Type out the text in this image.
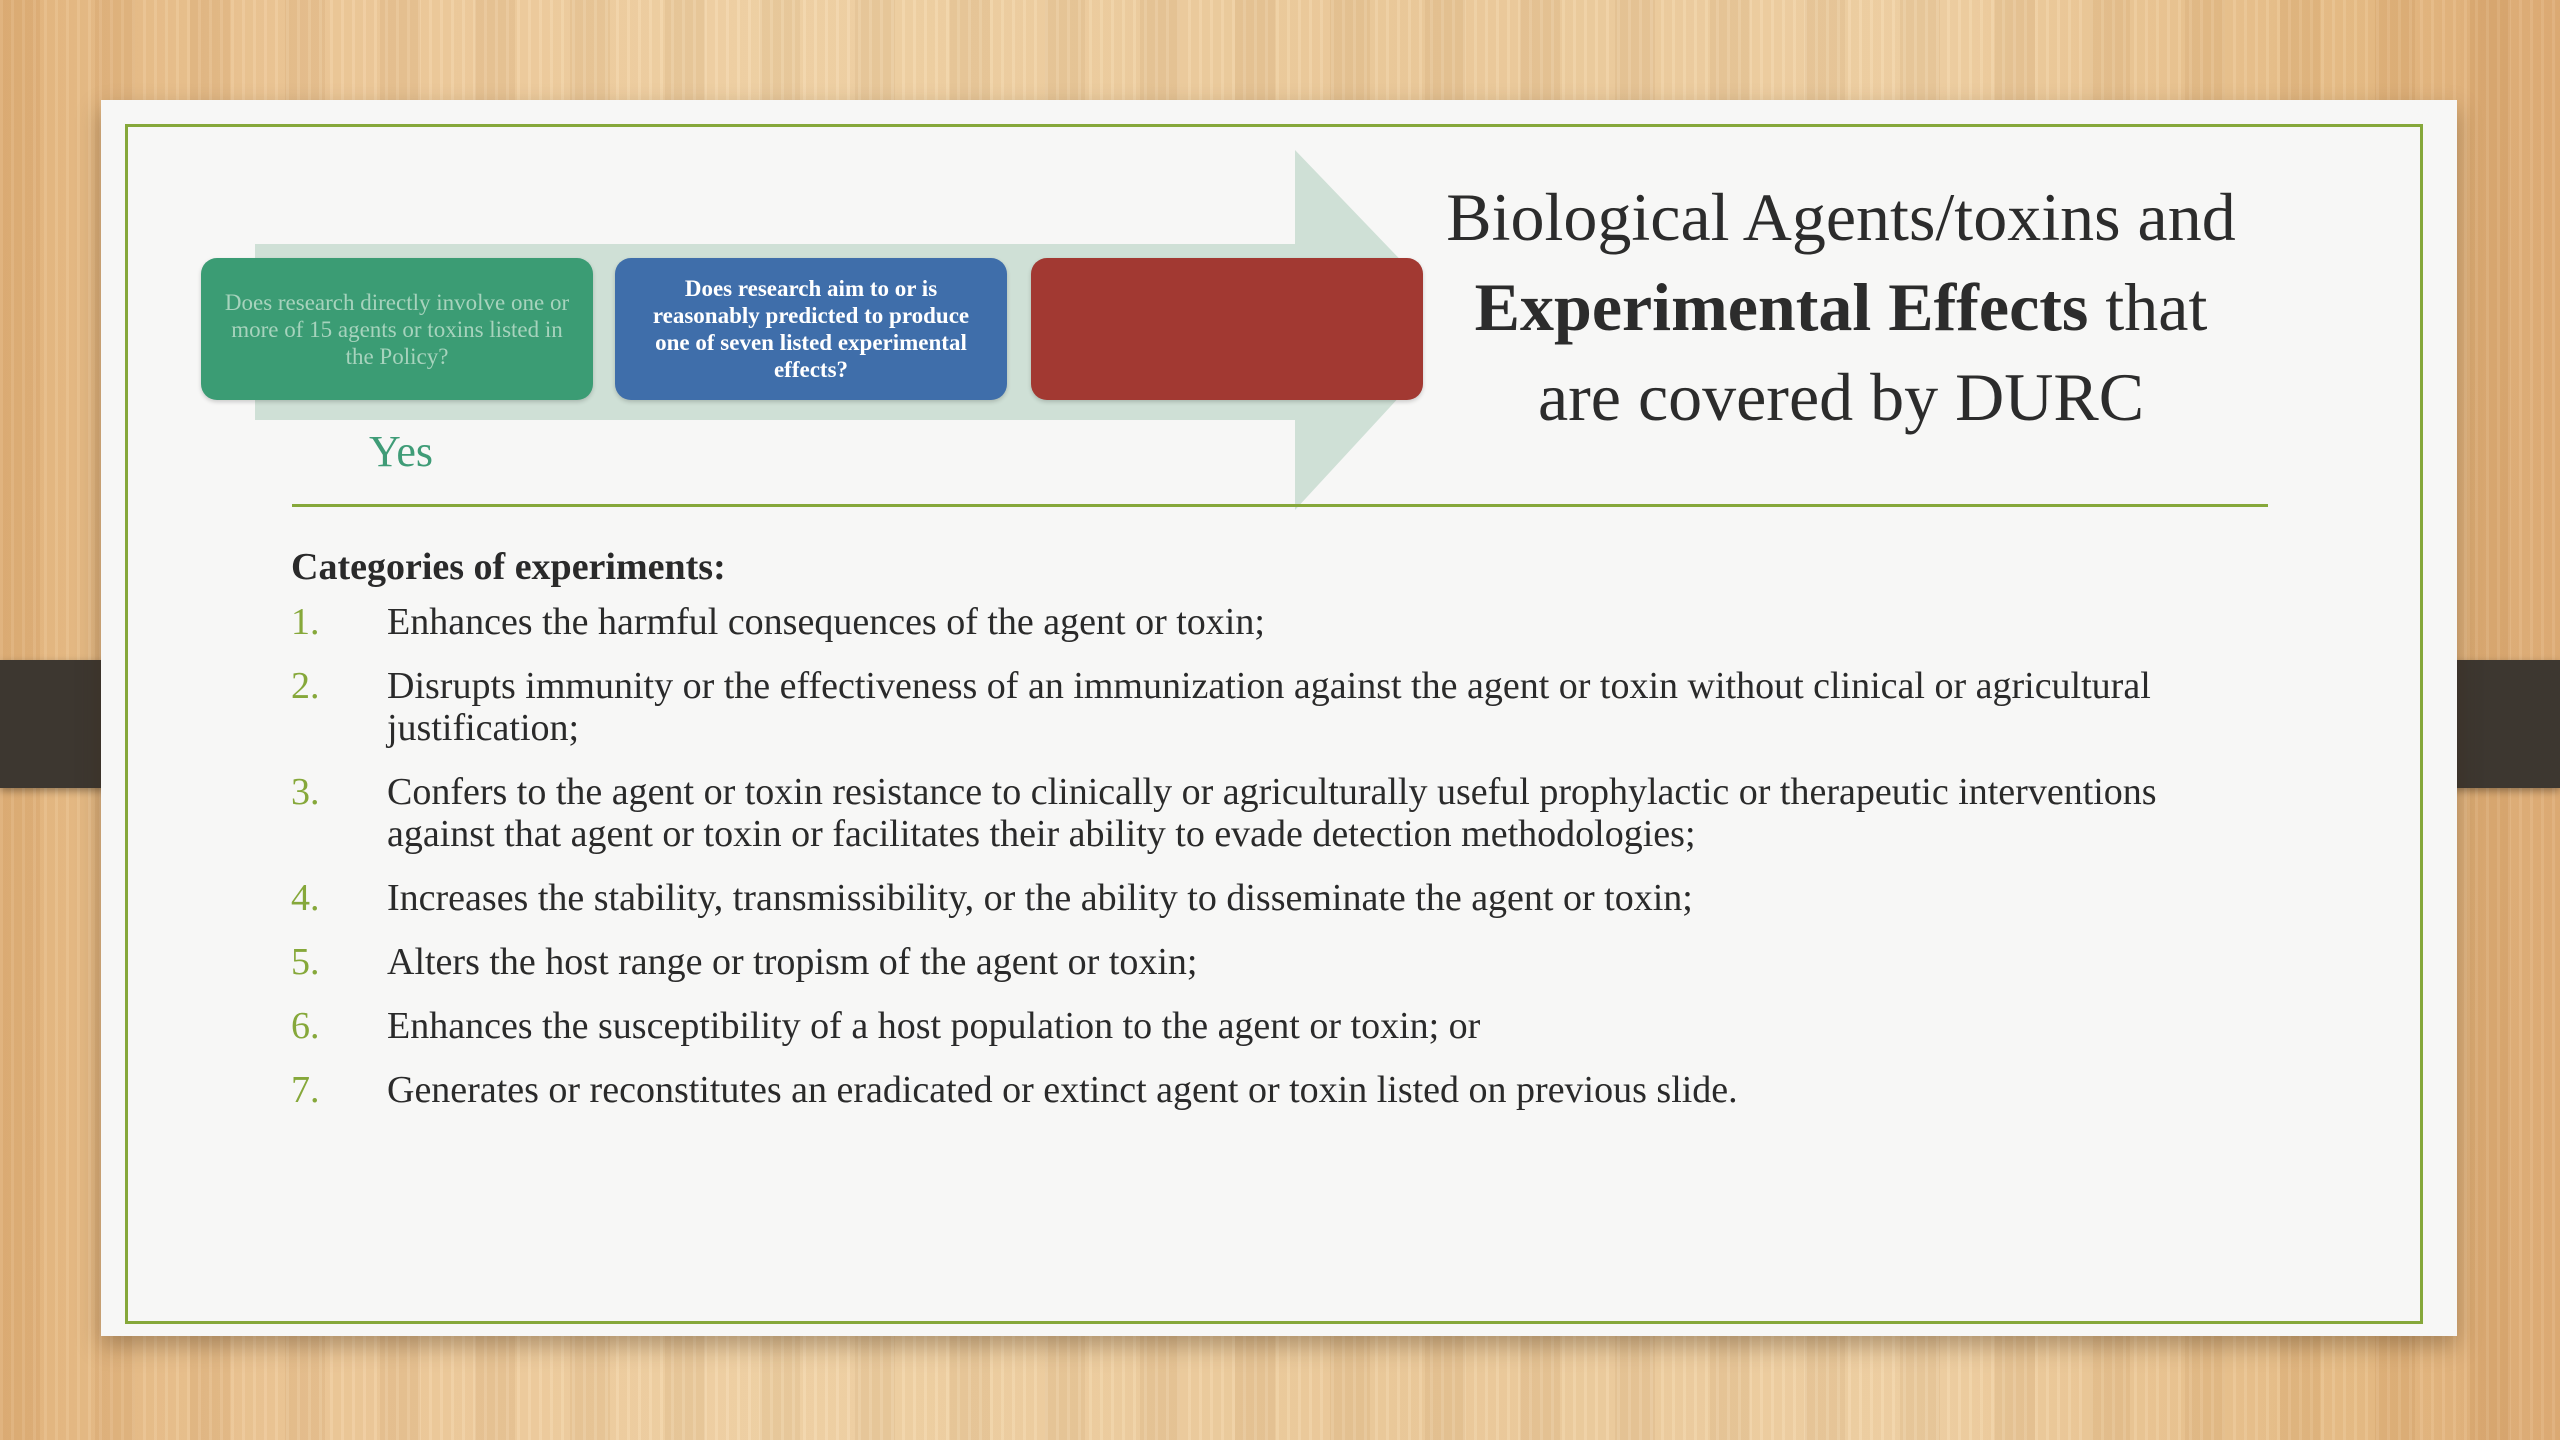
Does research directly involve one or more of 15 agents or toxins listed in the Policy?
Does research aim to or is reasonably predicted to produce one of seven listed experimental effects?
Yes
Biological Agents/toxins and
Experimental Effects that
are covered by DURC
Categories of experiments:
1.	Enhances the harmful consequences of the agent or toxin;
2.	Disrupts immunity or the effectiveness of an immunization against the agent or toxin without clinical or agricultural justification;
3.	Confers to the agent or toxin resistance to clinically or agriculturally useful prophylactic or therapeutic interventions against that agent or toxin or facilitates their ability to evade detection methodologies;
4.	Increases the stability, transmissibility, or the ability to disseminate the agent or toxin;
5.	Alters the host range or tropism of the agent or toxin;
6.	Enhances the susceptibility of a host population to the agent or toxin; or
7.	Generates or reconstitutes an eradicated or extinct agent or toxin listed on previous slide.
